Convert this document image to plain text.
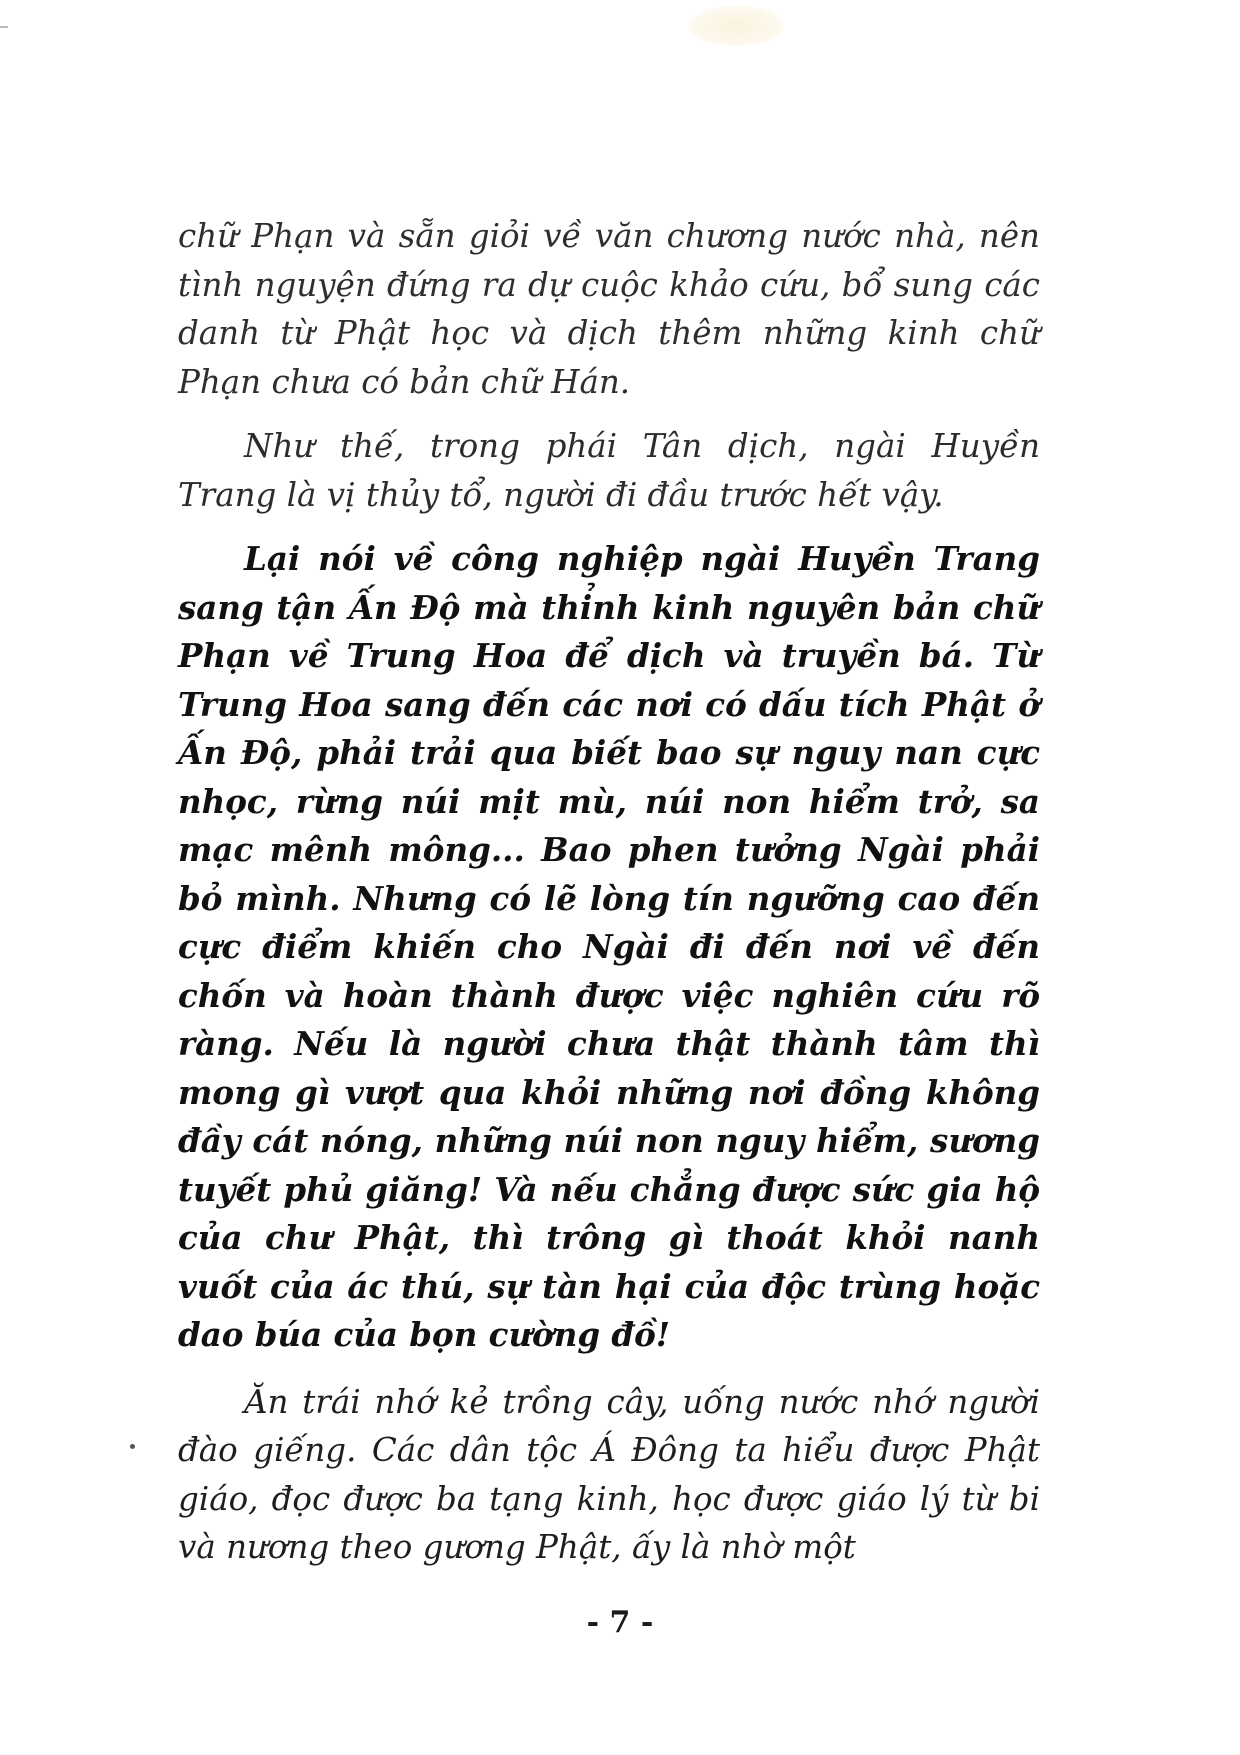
chữ Phạn và sẵn giỏi về văn chương nước nhà, nên tình nguyện đứng ra dự cuộc khảo cứu, bổ sung các danh từ Phật học và dịch thêm những kinh chữ Phạn chưa có bản chữ Hán.

Như thế, trong phái Tân dịch, ngài Huyền Trang là vị thủy tổ, người đi đầu trước hết vậy.

Lại nói về công nghiệp ngài Huyền Trang sang tận Ấn Độ mà thỉnh kinh nguyên bản chữ Phạn về Trung Hoa để dịch và truyền bá. Từ Trung Hoa sang đến các nơi có dấu tích Phật ở Ấn Độ, phải trải qua biết bao sự nguy nan cực nhọc, rừng núi mịt mù, núi non hiểm trở, sa mạc mênh mông... Bao phen tưởng Ngài phải bỏ mình. Nhưng có lẽ lòng tín ngưỡng cao đến cực điểm khiến cho Ngài đi đến nơi về đến chốn và hoàn thành được việc nghiên cứu rõ ràng. Nếu là người chưa thật thành tâm thì mong gì vượt qua khỏi những nơi đồng không đầy cát nóng, những núi non nguy hiểm, sương tuyết phủ giăng! Và nếu chẳng được sức gia hộ của chư Phật, thì trông gì thoát khỏi nanh vuốt của ác thú, sự tàn hại của độc trùng hoặc dao búa của bọn cường đồ!

Ăn trái nhớ kẻ trồng cây, uống nước nhớ người đào giếng. Các dân tộc Á Đông ta hiểu được Phật giáo, đọc được ba tạng kinh, học được giáo lý từ bi và nương theo gương Phật, ấy là nhờ một

- 7 -
